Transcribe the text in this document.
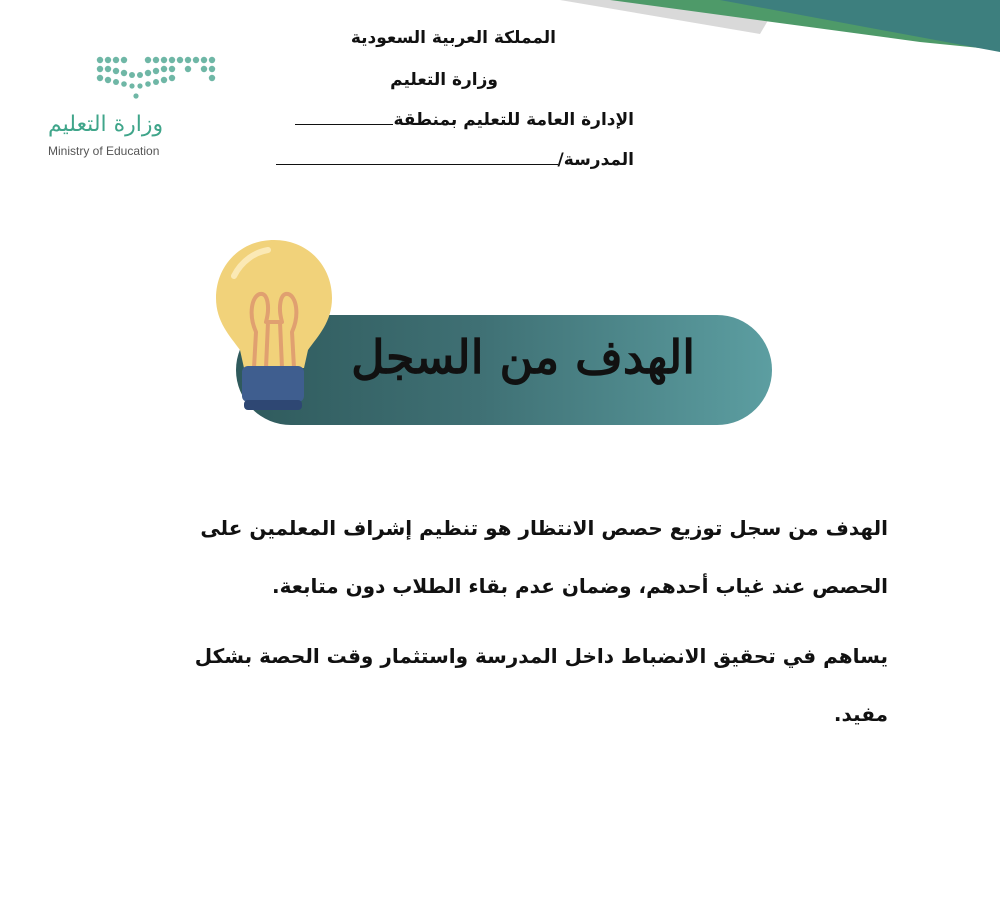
وزارة التعليم
Ministry of Education
المملكة العربية السعودية
وزارة التعليم
الإدارة العامة للتعليم بمنطقة
المدرسة/
الهدف من السجل
الهدف من سجل توزيع حصص الانتظار هو تنظيم إشراف المعلمين على
الحصص عند غياب أحدهم، وضمان عدم بقاء الطلاب دون متابعة.
يساهم في تحقيق الانضباط داخل المدرسة واستثمار وقت الحصة بشكل
مفيد.
